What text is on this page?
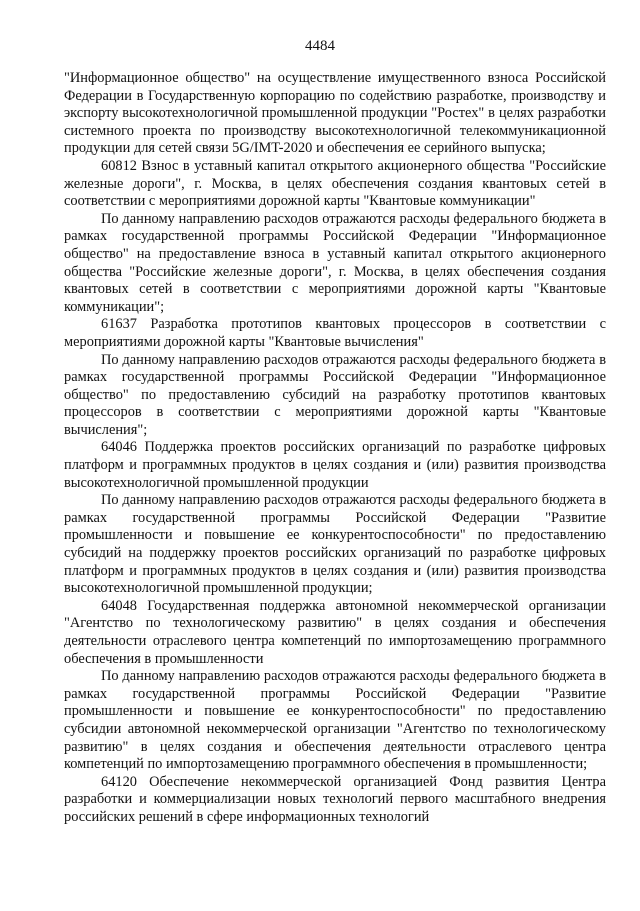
4484

"Информационное общество" на осуществление имущественного взноса Российской Федерации в Государственную корпорацию по содействию разработке, производству и экспорту высокотехнологичной промышленной продукции "Ростех" в целях разработки системного проекта по производству высокотехнологичной телекоммуникационной продукции для сетей связи 5G/IMT-2020 и обеспечения ее серийного выпуска;

60812 Взнос в уставный капитал открытого акционерного общества "Российские железные дороги", г. Москва, в целях обеспечения создания квантовых сетей в соответствии с мероприятиями дорожной карты "Квантовые коммуникации"

По данному направлению расходов отражаются расходы федерального бюджета в рамках государственной программы Российской Федерации "Информационное общество" на предоставление взноса в уставный капитал открытого акционерного общества "Российские железные дороги", г. Москва, в целях обеспечения создания квантовых сетей в соответствии с мероприятиями дорожной карты "Квантовые коммуникации";

61637 Разработка прототипов квантовых процессоров в соответствии с мероприятиями дорожной карты "Квантовые вычисления"

По данному направлению расходов отражаются расходы федерального бюджета в рамках государственной программы Российской Федерации "Информационное общество" по предоставлению субсидий на разработку прототипов квантовых процессоров в соответствии с мероприятиями дорожной карты "Квантовые вычисления";

64046 Поддержка проектов российских организаций по разработке цифровых платформ и программных продуктов в целях создания и (или) развития производства высокотехнологичной промышленной продукции

По данному направлению расходов отражаются расходы федерального бюджета в рамках государственной программы Российской Федерации "Развитие промышленности и повышение ее конкурентоспособности" по предоставлению субсидий на поддержку проектов российских организаций по разработке цифровых платформ и программных продуктов в целях создания и (или) развития производства высокотехнологичной промышленной продукции;

64048 Государственная поддержка автономной некоммерческой организации "Агентство по технологическому развитию" в целях создания и обеспечения деятельности отраслевого центра компетенций по импортозамещению программного обеспечения в промышленности

По данному направлению расходов отражаются расходы федерального бюджета в рамках государственной программы Российской Федерации "Развитие промышленности и повышение ее конкурентоспособности" по предоставлению субсидии автономной некоммерческой организации "Агентство по технологическому развитию" в целях создания и обеспечения деятельности отраслевого центра компетенций по импортозамещению программного обеспечения в промышленности;

64120 Обеспечение некоммерческой организацией Фонд развития Центра разработки и коммерциализации новых технологий первого масштабного внедрения российских решений в сфере информационных технологий
